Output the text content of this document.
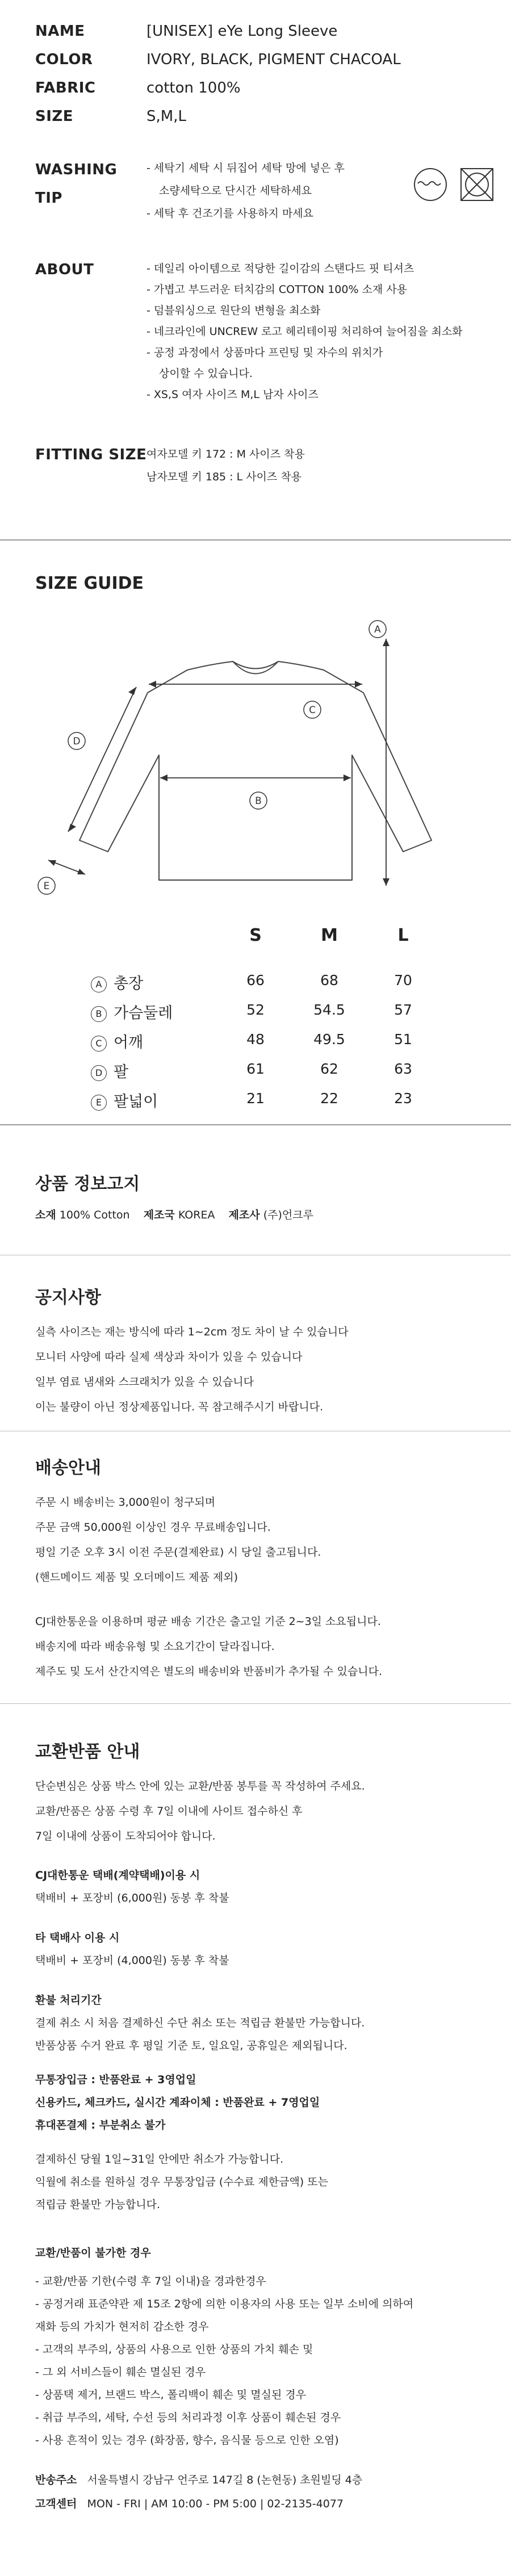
NAME	[UNISEX] eYe Long Sleeve
COLOR	IVORY, BLACK, PIGMENT CHACOAL
FABRIC	cotton 100%
SIZE	S,M,L
WASHING
TIP
- 세탁기 세탁 시 뒤집어 세탁 망에 넣은 후
소량세탁으로 단시간 세탁하세요
- 세탁 후 건조기를 사용하지 마세요
ABOUT	- 데일리 아이템으로 적당한 길이감의 스탠다드 핏 티셔츠
- 가볍고 부드러운 터치감의 COTTON 100% 소재 사용
- 덤블워싱으로 원단의 변형을 최소화
- 네크라인에 UNCREW 로고 헤리테이핑 처리하여 늘어짐을 최소화
- 공정 과정에서 상품마다 프린팅 및 자수의 위치가
상이할 수 있습니다.
- XS,S 여자 사이즈 M,L 남자 사이즈
FITTING SIZE 여자모델 키 172 : M 사이즈 착용
남자모델 키 185 : L 사이즈 착용
SIZE GUIDE
A
C
D
B
E
S	M	L
A 총장	66	68	70
B 가슴둘레	52	54.5	57
C 어깨	48	49.5	51
D 팔	61	62	63
E 팔넓이	21	22	23
상품 정보고지
소재 100% Cotton 제조국 KOREA 제조사 (주)언크루
공지사항
실측 사이즈는 재는 방식에 따라 1~2cm 정도 차이 날 수 있습니다
모니터 사양에 따라 실제 색상과 차이가 있을 수 있습니다
일부 염료 냄새와 스크래치가 있을 수 있습니다
이는 불량이 아닌 정상제품입니다. 꼭 참고해주시기 바랍니다.
배송안내
주문 시 배송비는 3,000원이 청구되며
주문 금액 50,000원 이상인 경우 무료배송입니다.
평일 기준 오후 3시 이전 주문(결제완료) 시 당일 출고됩니다.
(핸드메이드 제품 및 오더메이드 제품 제외)
CJ대한통운을 이용하며 평균 배송 기간은 출고일 기준 2~3일 소요됩니다.
배송지에 따라 배송유형 및 소요기간이 달라집니다.
제주도 및 도서 산간지역은 별도의 배송비와 반품비가 추가될 수 있습니다.
교환반품 안내
단순변심은 상품 박스 안에 있는 교환/반품 봉투를 꼭 작성하여 주세요.
교환/반품은 상품 수령 후 7일 이내에 사이트 접수하신 후
7일 이내에 상품이 도착되어야 합니다.
CJ대한통운 택배(계약택배)이용 시
택배비 + 포장비 (6,000원) 동봉 후 착불
타 택배사 이용 시
택배비 + 포장비 (4,000원) 동봉 후 착불
환불 처리기간
결제 취소 시 처음 결제하신 수단 취소 또는 적립금 환불만 가능합니다.
반품상품 수거 완료 후 평일 기준 토, 일요일, 공휴일은 제외됩니다.
무통장입금 : 반품완료 + 3영업일
신용카드, 체크카드, 실시간 계좌이체 : 반품완료 + 7영업일
휴대폰결제 : 부분취소 불가
결제하신 당월 1일~31일 안에만 취소가 가능합니다.
익월에 취소를 원하실 경우 무통장입금 (수수료 제한금액) 또는
적립금 환불만 가능합니다.
교환/반품이 불가한 경우
- 교환/반품 기한(수령 후 7일 이내)을 경과한경우
- 공정거래 표준약관 제 15조 2항에 의한 이용자의 사용 또는 일부 소비에 의하여
재화 등의 가치가 현저히 감소한 경우
- 고객의 부주의, 상품의 사용으로 인한 상품의 가치 훼손 및
- 그 외 서비스들이 훼손 멸실된 경우
- 상품택 제거, 브랜드 박스, 폴리백이 훼손 및 멸실된 경우
- 취급 부주의, 세탁, 수선 등의 처리과정 이후 상품이 훼손된 경우
- 사용 흔적이 있는 경우 (화장품, 향수, 음식물 등으로 인한 오염)
반송주소 서울특별시 강남구 언주로 147길 8 (논현동) 초원빌딩 4층
고객센터 MON - FRI | AM 10:00 - PM 5:00 | 02-2135-4077
